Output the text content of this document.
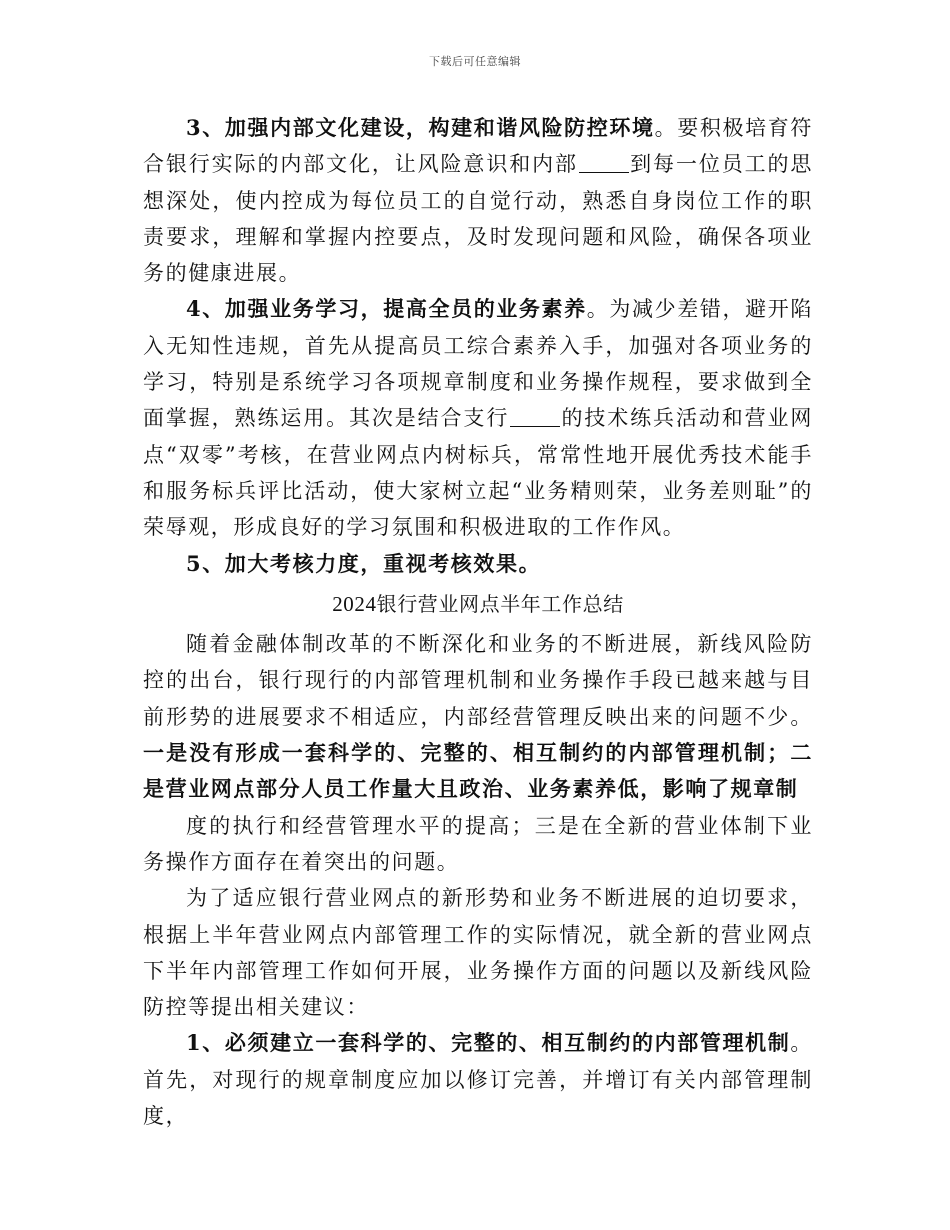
下载后可任意编辑

3、加强内部文化建设，构建和谐风险防控环境。要积极培育符合银行实际的内部文化，让风险意识和内部 到每一位员工的思想深处，使内控成为每位员工的自觉行动，熟悉自身岗位工作的职责要求，理解和掌握内控要点，及时发现问题和风险，确保各项业务的健康进展。

4、加强业务学习，提高全员的业务素养。为减少差错，避开陷入无知性违规，首先从提高员工综合素养入手，加强对各项业务的学习，特别是系统学习各项规章制度和业务操作规程，要求做到全面掌握，熟练运用。其次是结合支行 的技术练兵活动和营业网点“双零”考核，在营业网点内树标兵，常常性地开展优秀技术能手和服务标兵评比活动，使大家树立起“业务精则荣，业务差则耻”的荣辱观，形成良好的学习氛围和积极进取的工作作风。

5、加大考核力度，重视考核效果。

2024银行营业网点半年工作总结

随着金融体制改革的不断深化和业务的不断进展，新线风险防控的出台，银行现行的内部管理机制和业务操作手段已越来越与目前形势的进展要求不相适应，内部经营管理反映出来的问题不少。一是没有形成一套科学的、完整的、相互制约的内部管理机制；二是营业网点部分人员工作量大且政治、业务素养低，影响了规章制

度的执行和经营管理水平的提高；三是在全新的营业体制下业务操作方面存在着突出的问题。

为了适应银行营业网点的新形势和业务不断进展的迫切要求，根据上半年营业网点内部管理工作的实际情况，就全新的营业网点下半年内部管理工作如何开展，业务操作方面的问题以及新线风险防控等提出相关建议：

1、必须建立一套科学的、完整的、相互制约的内部管理机制。首先，对现行的规章制度应加以修订完善，并增订有关内部管理制度，
